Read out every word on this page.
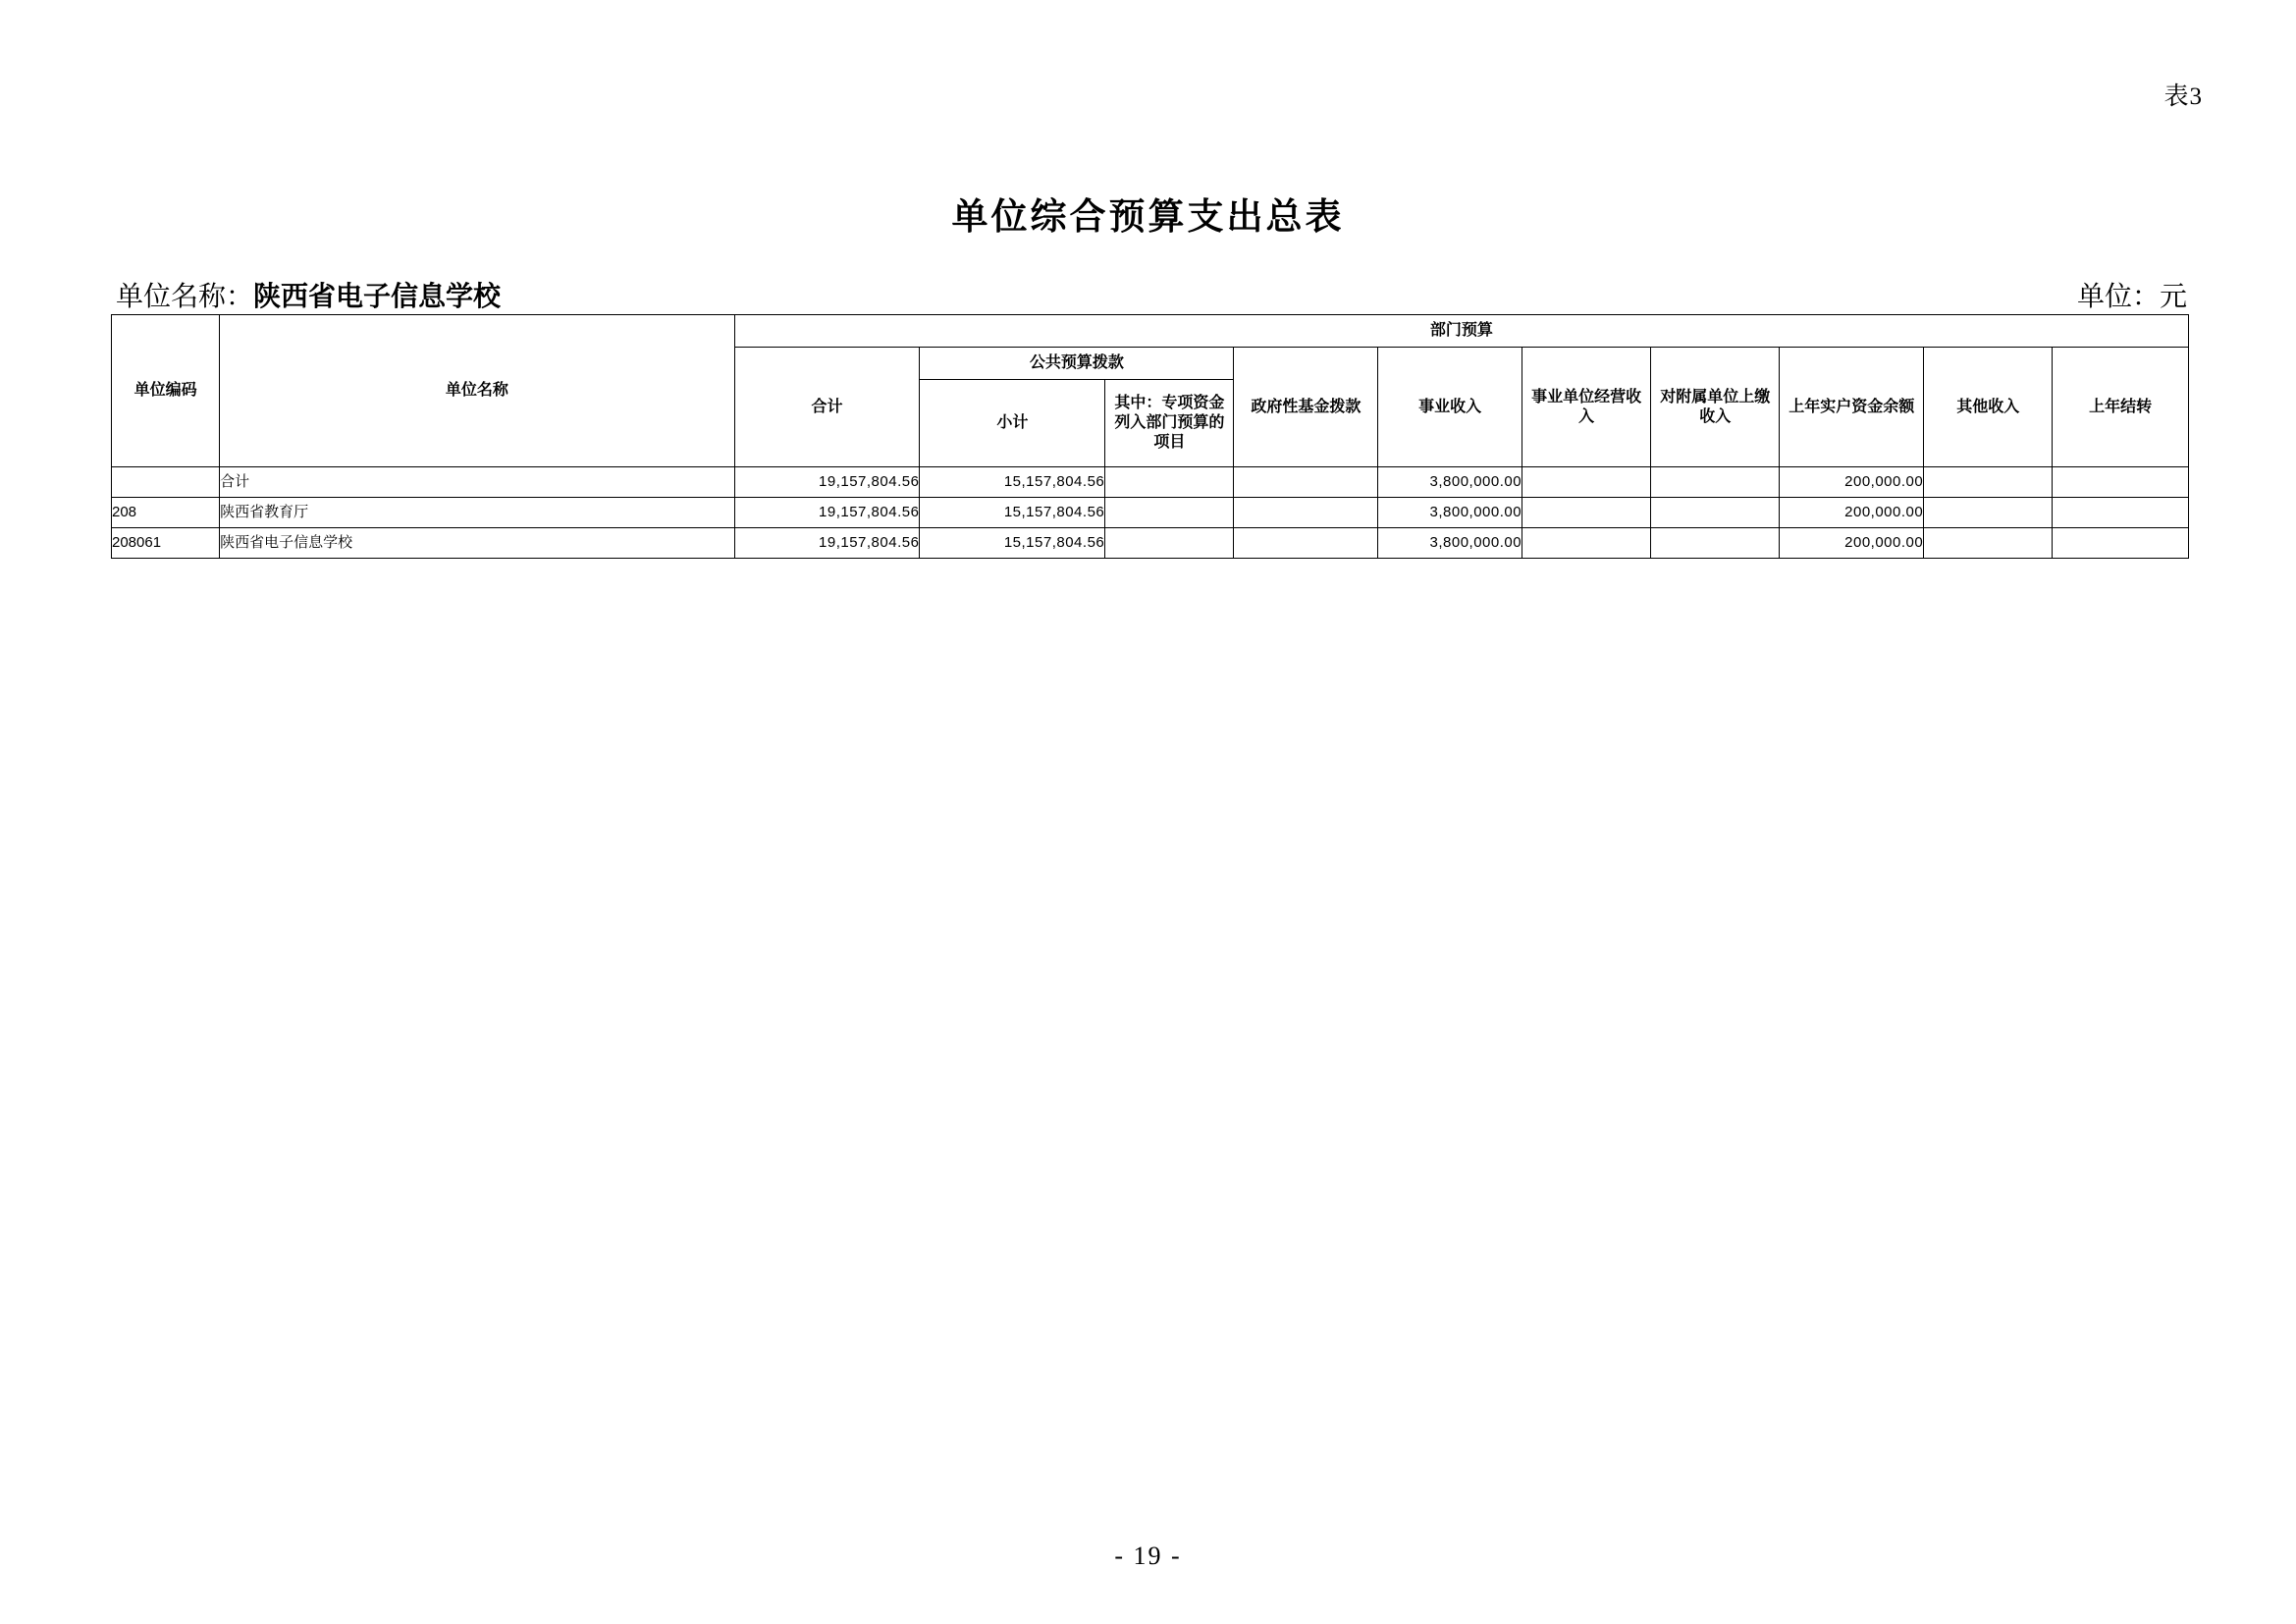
表3
单位综合预算支出总表
单位名称：陕西省电子信息学校	单位：元
单位编码	单位名称	部门预算									
		合计	公共预算拨款		政府性基金拨款	事业收入	事业单位经营收入	对附属单位上缴收入	上年实户资金余额	其他收入	上年结转
			小计	其中：专项资金列入部门预算的项目							
	合计	19,157,804.56	15,157,804.56			3,800,000.00			200,000.00		
208	陕西省教育厅	19,157,804.56	15,157,804.56			3,800,000.00			200,000.00		
208061	陕西省电子信息学校	19,157,804.56	15,157,804.56			3,800,000.00			200,000.00		
- 19 -
